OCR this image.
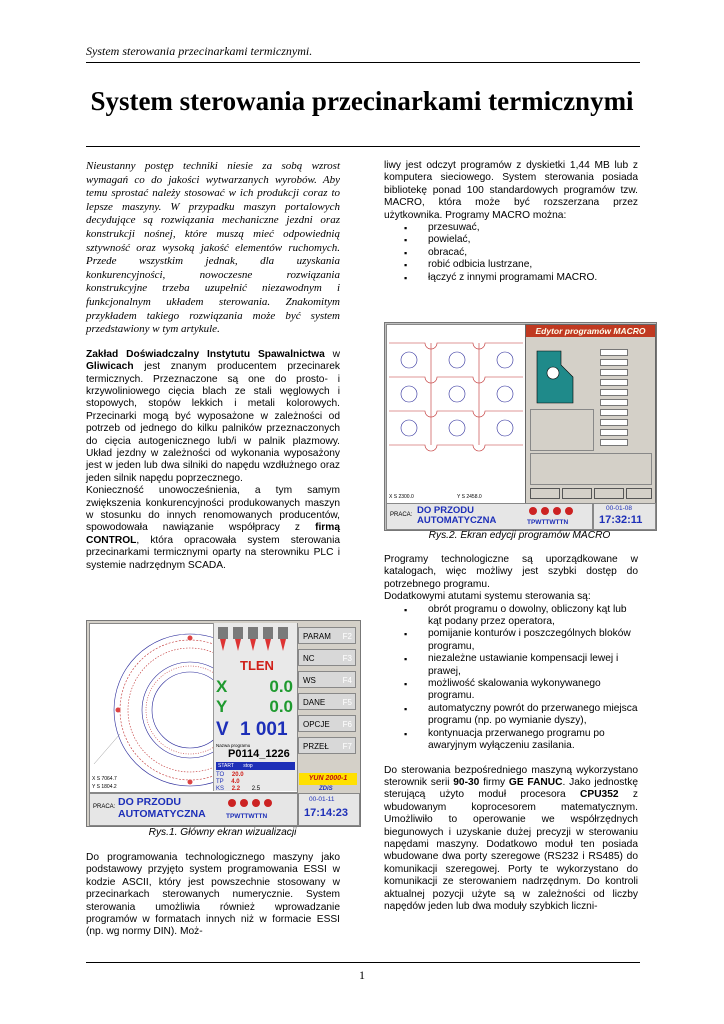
System sterowania przecinarkami termicznymi.
System sterowania przecinarkami termicznymi

Nieustanny postęp techniki niesie za sobą wzrost wymagań co do jakości wytwarzanych wyrobów. Aby temu sprostać należy stosować w ich produkcji coraz to lepsze maszyny. W przypadku maszyn portalowych decydujące są rozwiązania mechaniczne jezdni oraz konstrukcji nośnej, które muszą mieć odpowiednią sztywność oraz wysoką jakość elementów ruchomych. Przede wszystkim jednak, dla uzyskania konkurencyjności, nowoczesne rozwiązania konstrukcyjne trzeba uzupełnić niezawodnym i funkcjonalnym układem sterowania. Znakomitym przykładem takiego rozwiązania może być system przedstawiony w tym artykule.

Zakład Doświadczalny Instytutu Spawalnictwa w Gliwicach jest znanym producentem przecinarek termicznych. Przeznaczone są one do prosto- i krzywoliniowego cięcia blach ze stali węglowych i stopowych, stopów lekkich i metali kolorowych. Przecinarki mogą być wyposażone w zależności od potrzeb od jednego do kilku palników przeznaczonych do cięcia autogenicznego lub/i w palnik plazmowy. Układ jezdny w zależności od wykonania wyposażony jest w jeden lub dwa silniki do napędu wzdłużnego oraz jeden silnik napędu poprzecznego.

Konieczność unowocześnienia, a tym samym zwiększenia konkurencyjności produkowanych maszyn w stosunku do innych renomowanych producentów, spowodowała nawiązanie współpracy z firmą CONTROL, która opracowała system sterowania przecinarkami termicznymi oparty na sterowniku PLC i systemie nadrzędnym SCADA.

X S 7064.7
Y S 1804.2
PARAM F2
NC	F3
WS	F4
DANE F5
OPCJE F6
PRZEŁ F7
TLEN
X 0.0
Y 0.0
V 1 001
Nazwa programu
P0114_1226
START stop
TO 20.0
TP 4.0
KS 2.2 2.5
YUN 2000-1
ZDiS
PRACA: DO PRZODU
AUTOMATYCZNA	TPWTTWTTN
00-01-11
17:14:23
Rys.1. Główny ekran wizualizacji
Do programowania technologicznego maszyny jako podstawowy przyjęto system programowania ESSI w kodzie ASCII, który jest powszechnie stosowany w przecinarkach sterowanych numerycznie. System sterowania umożliwia również wprowadzanie programów w formatach innych niż w formacie ESSI (np. wg normy DIN). Moż-

liwy jest odczyt programów z dyskietki 1,44 MB lub z komputera sieciowego. System sterowania posiada bibliotekę ponad 100 standardowych programów tzw. MACRO, która może być rozszerzana przez użytkownika. Programy MACRO można:

▪ przesuwać,
▪ powielać,
▪ obracać,
▪ robić odbicia lustrzane,
▪ łączyć z innymi programami MACRO.
X S 2300.0	Y S 2458.0
Edytor programów MACRO
PRACA: DO PRZODU
AUTOMATYCZNA	TPWTTWTTN
00-01-08
17:32:11
Rys.2. Ekran edycji programów MACRO

Programy technologiczne są uporządkowane w katalogach, więc możliwy jest szybki dostęp do potrzebnego programu.

Dodatkowymi atutami systemu sterowania są:

▪ obrót programu o dowolny, obliczony kąt lub kąt podany przez operatora,
▪ pomijanie konturów i poszczególnych bloków programu,
▪ niezależne ustawianie kompensacji lewej i prawej,
▪ możliwość skalowania wykonywanego programu.
▪ automatyczny powrót do przerwanego miejsca programu (np. po wymianie dyszy),
▪ kontynuacja przerwanego programu po awaryjnym wyłączeniu zasilania.

Do sterowania bezpośredniego maszyną wykorzystano sterownik serii 90-30 firmy GE FANUC. Jako jednostkę sterującą użyto moduł procesora CPU352 z wbudowanym koprocesorem matematycznym. Umożliwiło to operowanie we współrzędnych biegunowych i uzyskanie dużej precyzji w sterowaniu napędami maszyny. Dodatkowo moduł ten posiada wbudowane dwa porty szeregowe (RS232 i RS485) do komunikacji szeregowej. Porty te wykorzystano do komunikacji ze sterowaniem nadrzędnym. Do kontroli aktualnej pozycji użyte są w zależności od liczby napędów jeden lub dwa moduły szybkich liczni-

1
